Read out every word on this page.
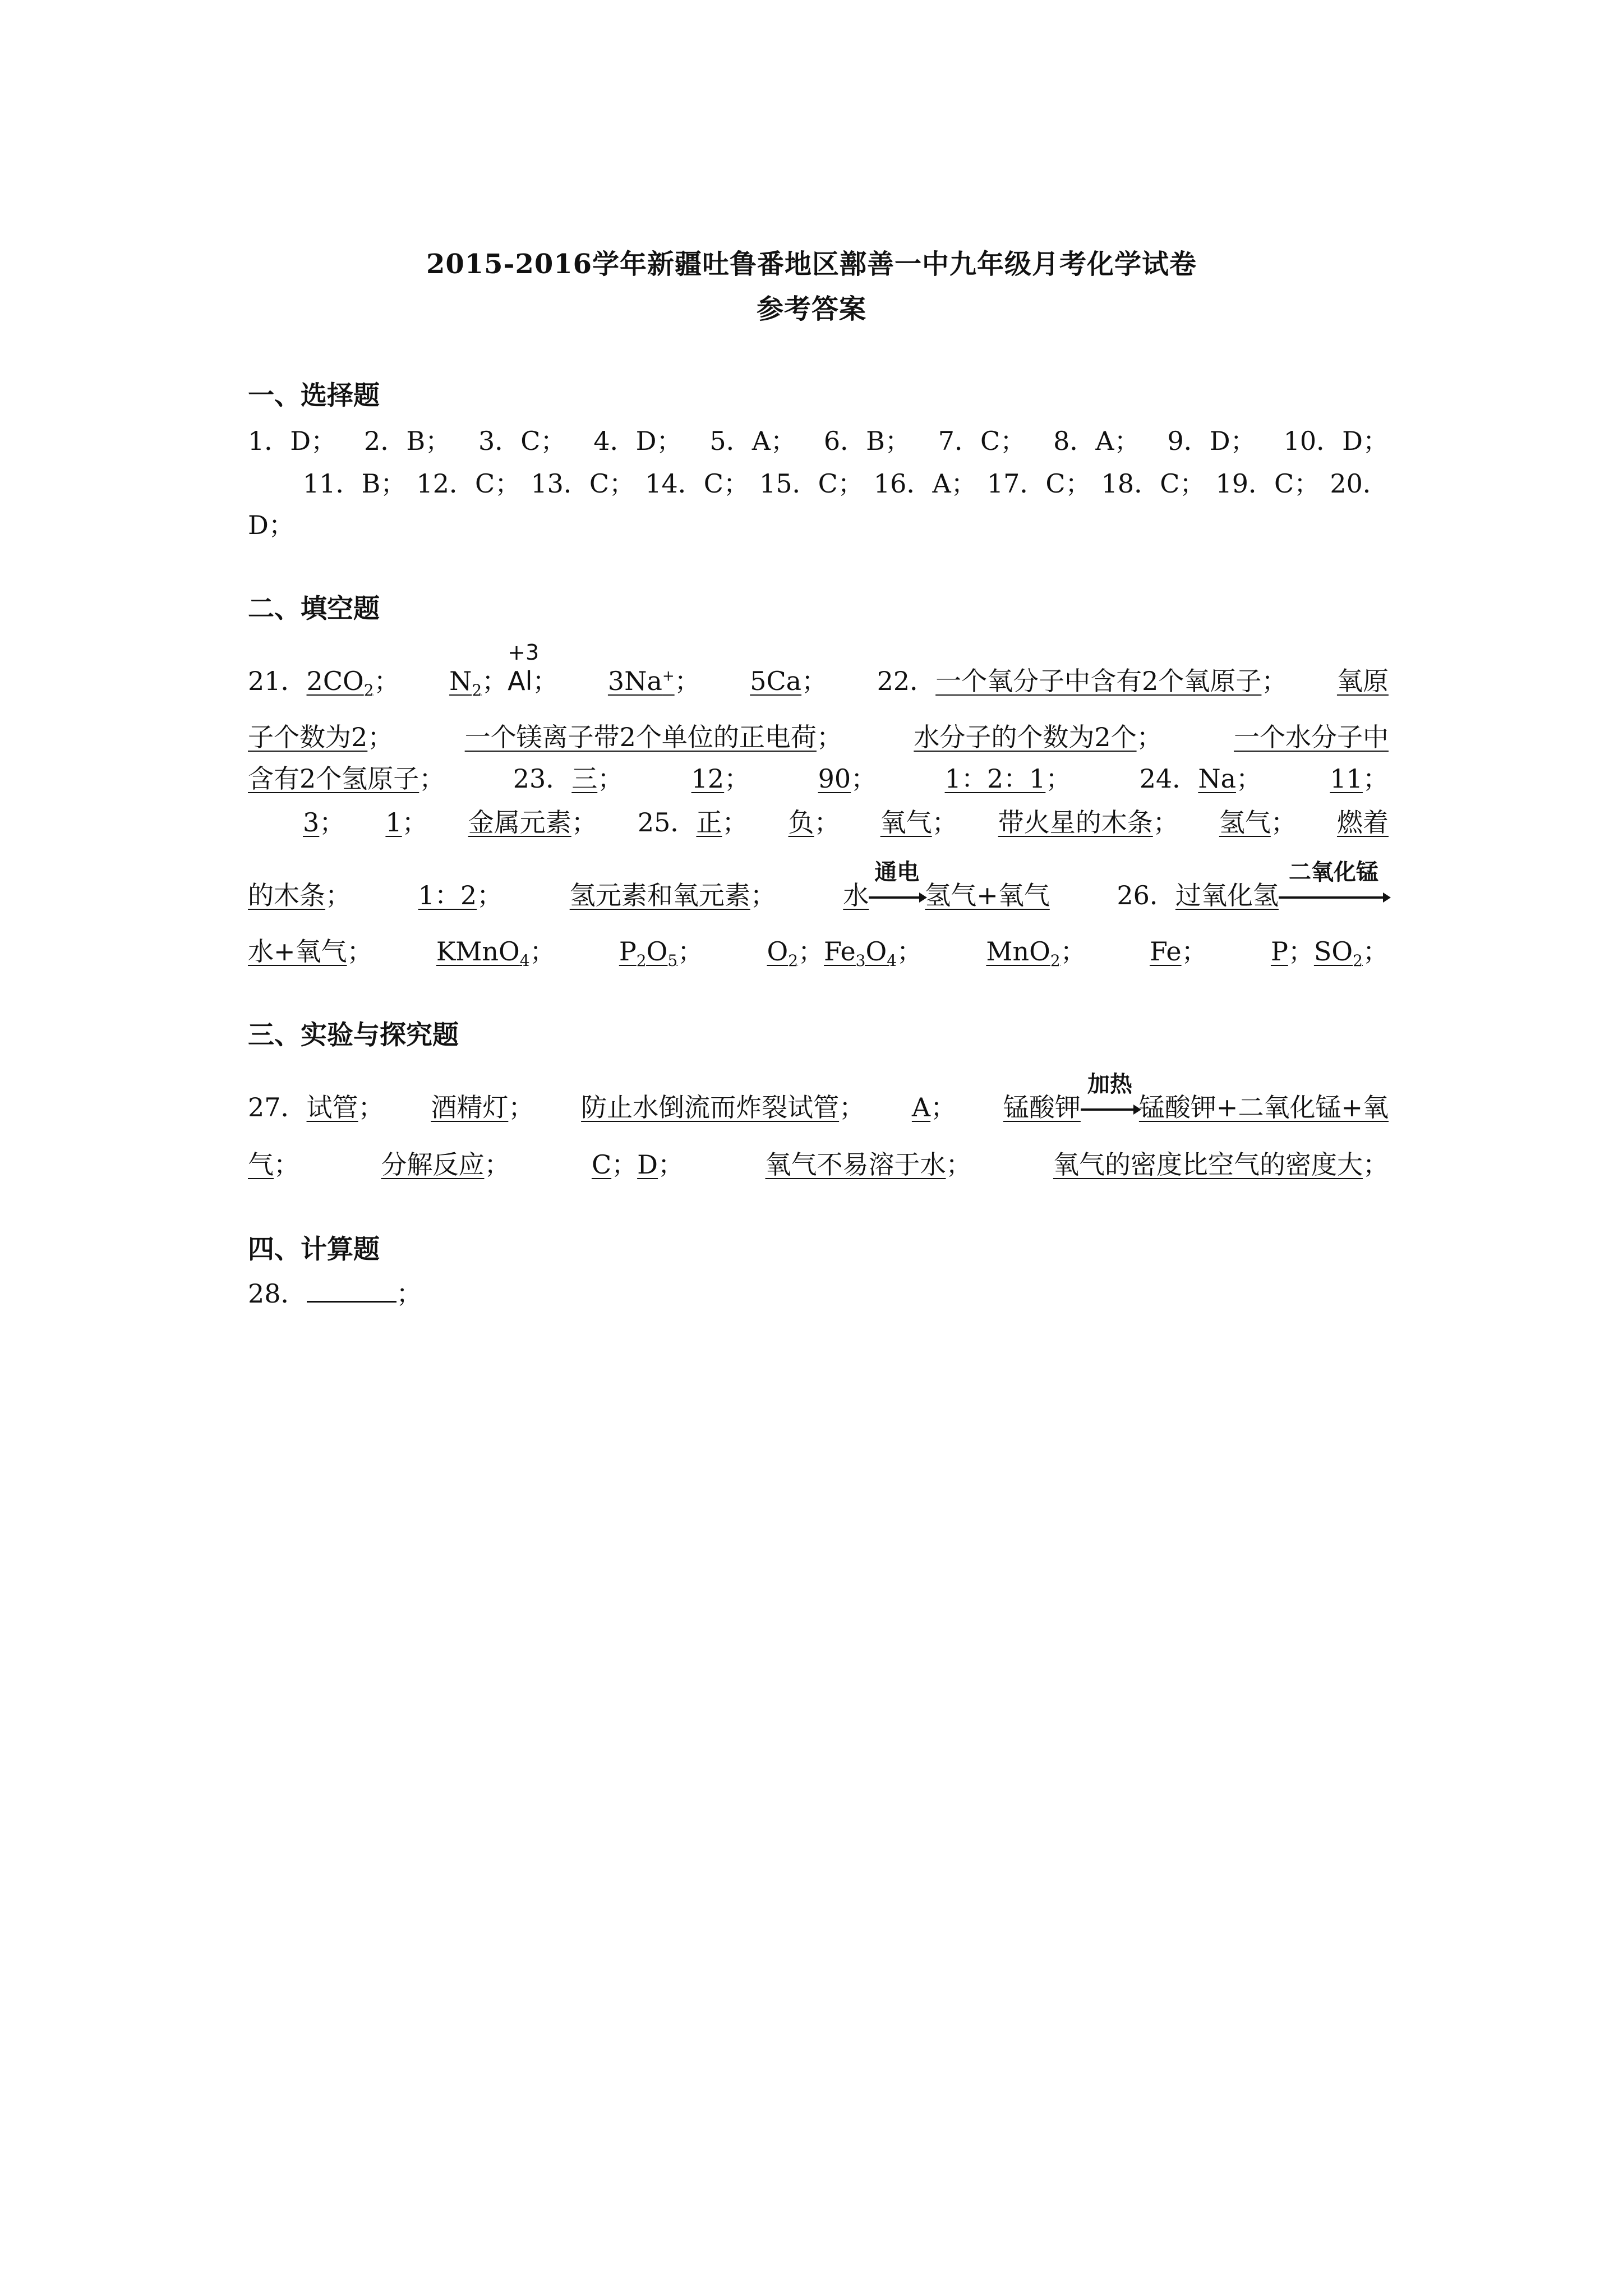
2015-2016学年新疆吐鲁番地区鄯善一中九年级月考化学试卷
参考答案
一、选择题
1．D； 2．B； 3．C； 4．D； 5．A； 6．B； 7．C； 8．A； 9．D； 10．D；
11．B； 12．C； 13．C； 14．C； 15．C； 16．A； 17．C； 18．C； 19．C； 20．
D；
二、填空题
21．$2CO_2$； $N_2$；
+3
Al； 3Na+； 5Ca； 22．一个氧分子中含有2个氧原子； 氧原
子个数为2；	一个镁离子带2个单位的正电荷；	水分子的个数为2个；	一个水分子中
含有2个氢原子；	23．三；	12；	90；	1：2：1；	24．Na；	11；
3； 1； 金属元素； 25．正； 负； 氧气； 带火星的木条； 氢气； 燃着
的木条；	1：2；	氢元素和氧元素；	水
通电
氢气+氧气	26．过氧化氢
二氧化锰
水+氧气； KMnO$_4$； $P_2O_5$； $O_2$；$Fe_3O_4$； MnO$_2$； Fe； P；$SO_2$；
三、实验与探究题
27．试管； 酒精灯； 防止水倒流而炸裂试管； A； 锰酸钾
加热
锰酸钾+二氧化锰+氧
气；	分解反应；	C；D；	氧气不易溶于水；	氧气的密度比空气的密度大；
四、计算题
28．	；
